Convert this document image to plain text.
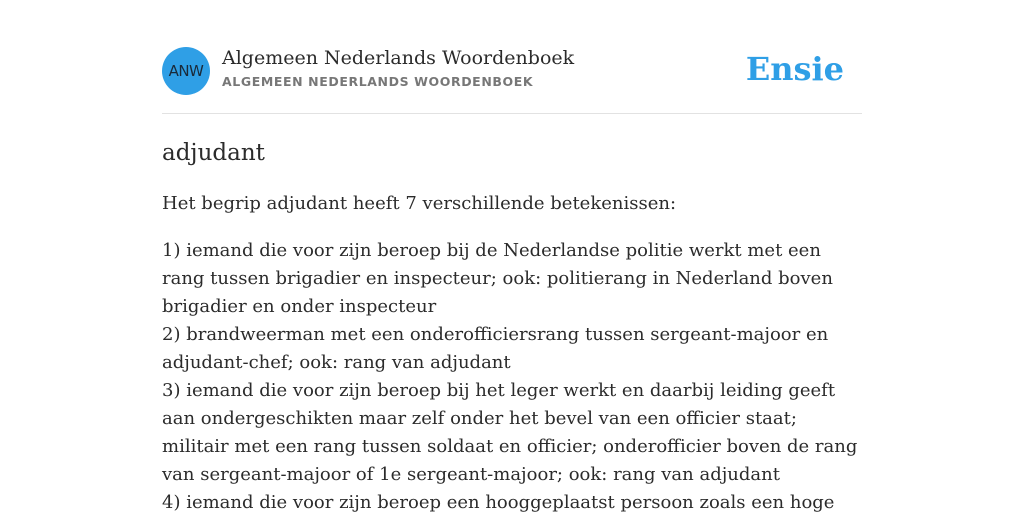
ANW
Algemeen Nederlands Woordenboek
ALGEMEEN NEDERLANDS WOORDENBOEK	Ensie
adjudant

Het begrip adjudant heeft 7 verschillende betekenissen:

1) iemand die voor zijn beroep bij de Nederlandse politie werkt met een rang tussen brigadier en inspecteur; ook: politierang in Nederland boven brigadier en onder inspecteur
2) brandweerman met een onderofficiersrang tussen sergeant-majoor en adjudant-chef; ook: rang van adjudant
3) iemand die voor zijn beroep bij het leger werkt en daarbij leiding geeft aan ondergeschikten maar zelf onder het bevel van een officier staat; militair met een rang tussen soldaat en officier; onderofficier boven de rang van sergeant-majoor of 1e sergeant-majoor; ook: rang van adjudant
4) iemand die voor zijn beroep een hooggeplaatst persoon zoals een hoge
